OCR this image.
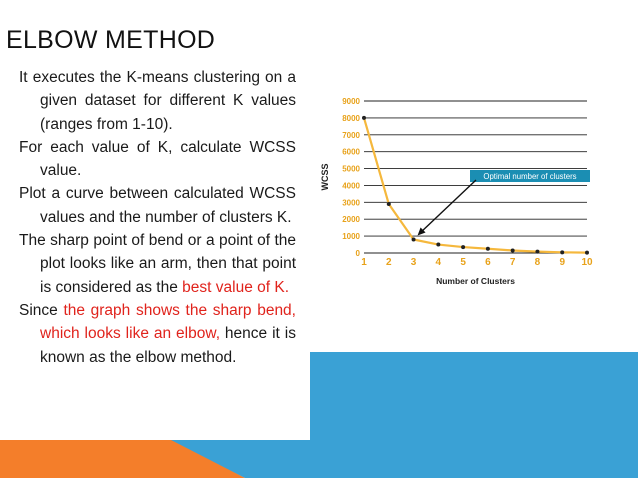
ELBOW METHOD

It executes the K-means clustering on a given dataset for different K values (ranges from 1-10).

For each value of K, calculate WCSS value.

Plot a curve between calculated WCSS values and the number of clusters K.

The sharp point of bend or a point of the plot looks like an arm, then that point is considered as the best value of K.

Since the graph shows the sharp bend, which looks like an elbow, hence it is known as the elbow method.

0
1000
2000
3000
4000
5000
6000
7000
8000
9000
1 2 3 4 5 6 7 8 9 10
Optimal number of clusters
WCSS
Number of Clusters
